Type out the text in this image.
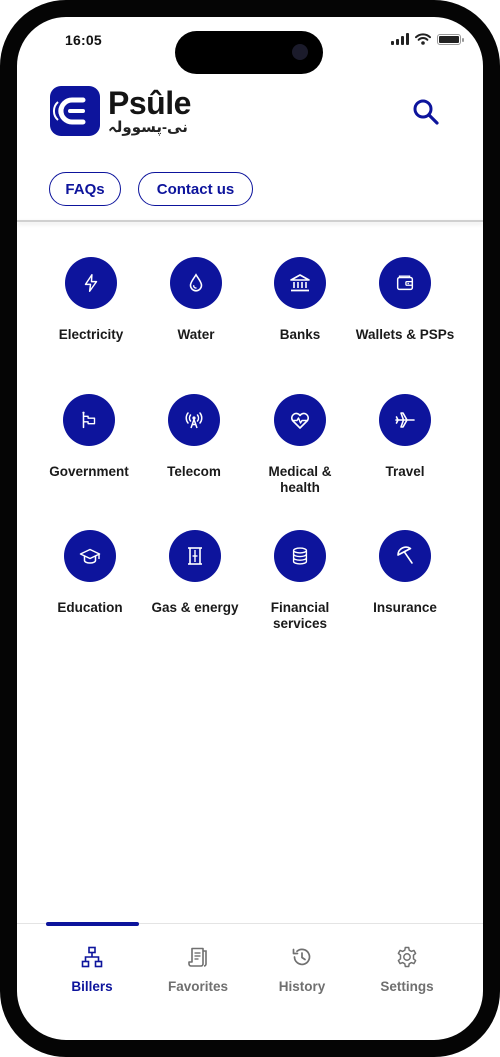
16:05
Psûle
نی-پسوولہ
FAQs	Contact us
Electricity	Water	Banks	Wallets & PSPs
Government	Telecom	Medical & health
Travel
Education Gas & energy	Financial services
Insurance
Billers	Favorites	History	Settings
